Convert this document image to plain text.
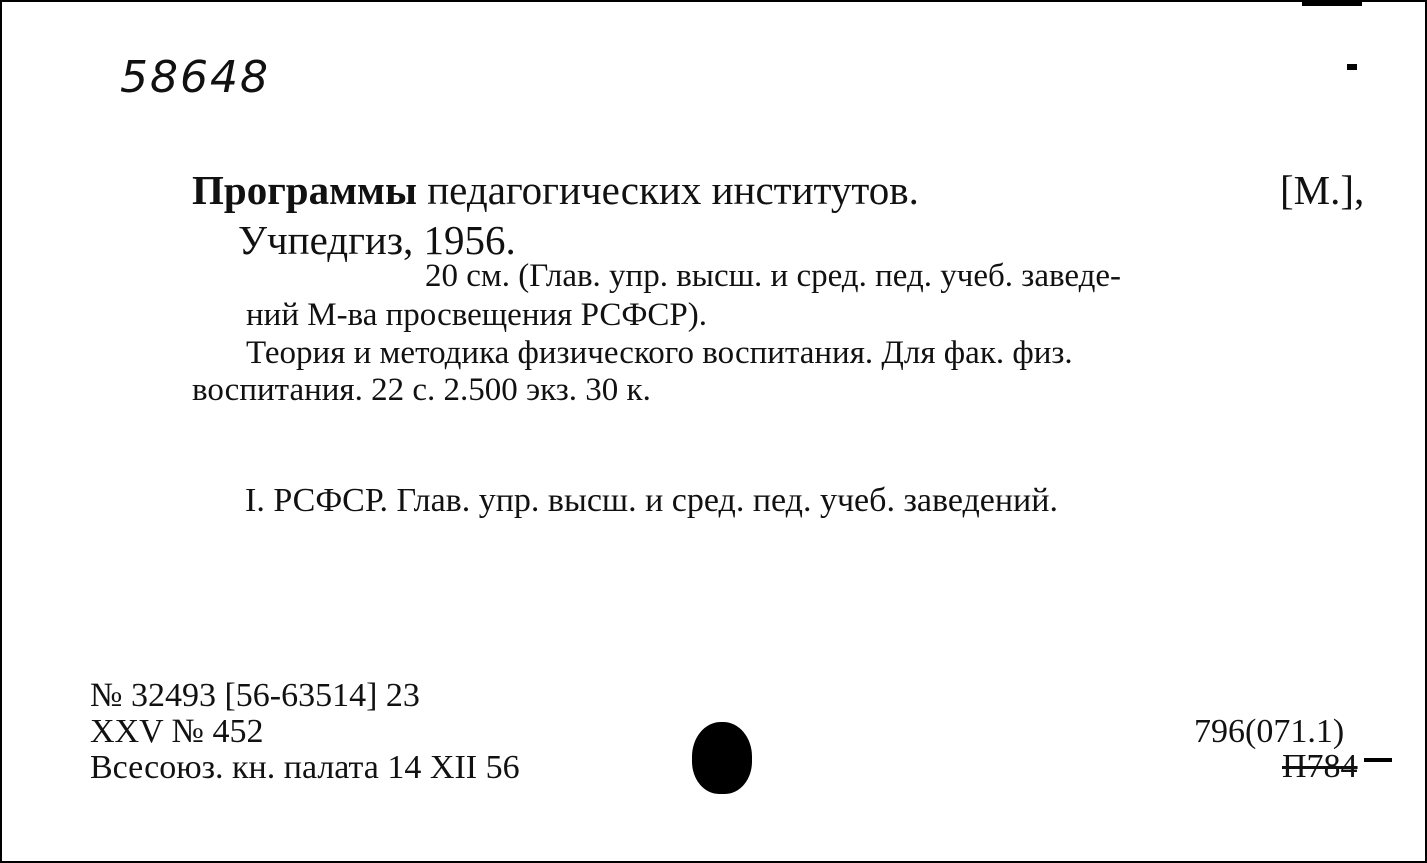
58648
Программы педагогических институтов.	[М.],
Учпедгиз, 1956.
20 см. (Глав. упр. высш. и сред. пед. учеб. заведе-
ний М-ва просвещения РСФСР).
Теория и методика физического воспитания. Для фак. физ.
воспитания. 22 с. 2.500 экз. 30 к.
I. РСФСР. Глав. упр. высш. и сред. пед. учеб. заведений.
№ 32493 [56-63514] 23
XXV № 452
Всесоюз. кн. палата 14 XII 56
796(071.1)
П784
